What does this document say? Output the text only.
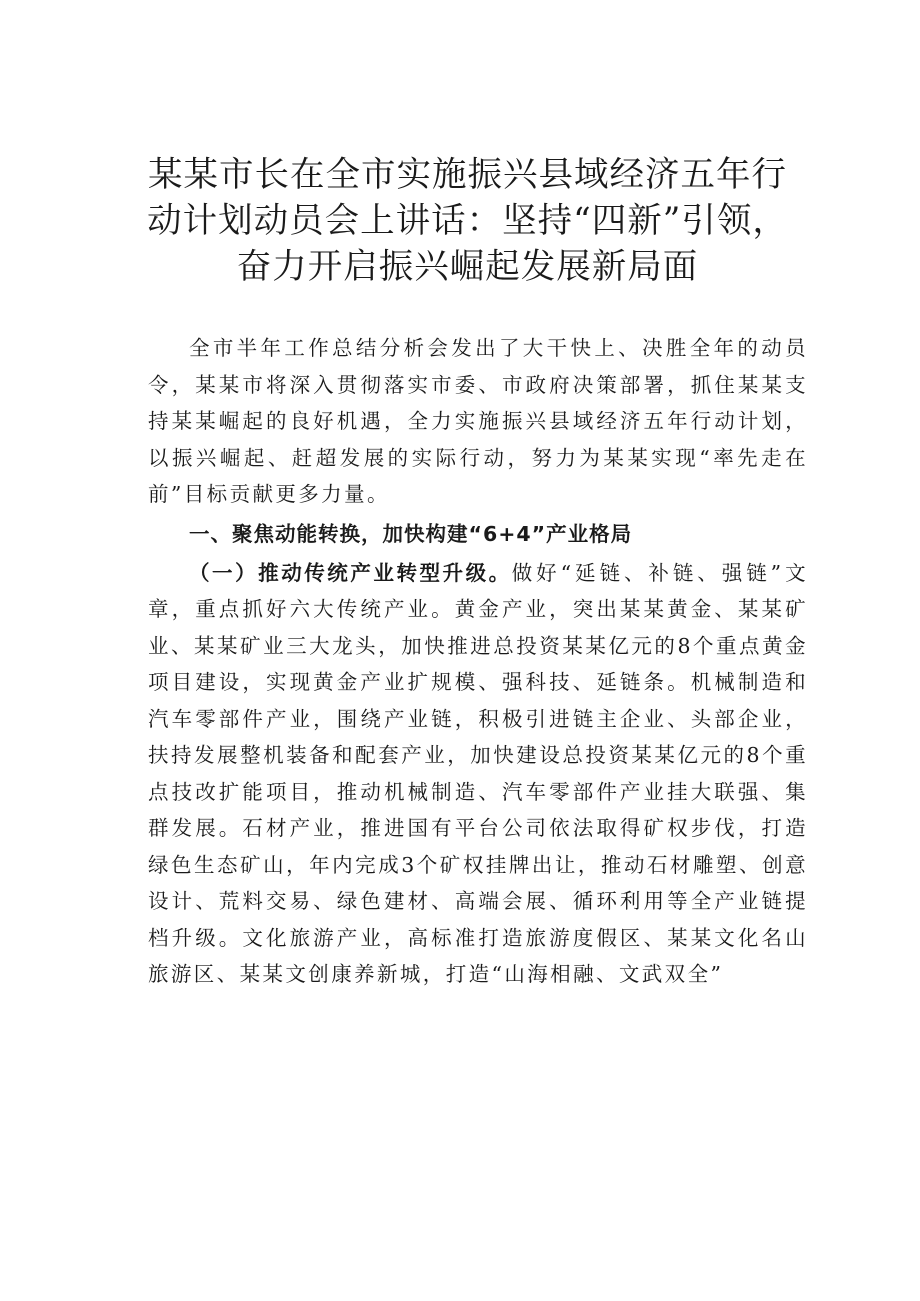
某某市长在全市实施振兴县域经济五年行动计划动员会上讲话：坚持“四新”引领，奋力开启振兴崛起发展新局面

全市半年工作总结分析会发出了大干快上、决胜全年的动员令，某某市将深入贯彻落实市委、市政府决策部署，抓住某某支持某某崛起的良好机遇，全力实施振兴县域经济五年行动计划，以振兴崛起、赶超发展的实际行动，努力为某某实现“率先走在前”目标贡献更多力量。

一、聚焦动能转换，加快构建“6+4”产业格局

（一）推动传统产业转型升级。做好“延链、补链、强链”文章，重点抓好六大传统产业。黄金产业，突出某某黄金、某某矿业、某某矿业三大龙头，加快推进总投资某某亿元的8个重点黄金项目建设，实现黄金产业扩规模、强科技、延链条。机械制造和汽车零部件产业，围绕产业链，积极引进链主企业、头部企业，扶持发展整机装备和配套产业，加快建设总投资某某亿元的8个重点技改扩能项目，推动机械制造、汽车零部件产业挂大联强、集群发展。石材产业，推进国有平台公司依法取得矿权步伐，打造绿色生态矿山，年内完成3个矿权挂牌出让，推动石材雕塑、创意设计、荒料交易、绿色建材、高端会展、循环利用等全产业链提档升级。文化旅游产业，高标准打造旅游度假区、某某文化名山旅游区、某某文创康养新城，打造“山海相融、文武双全”
